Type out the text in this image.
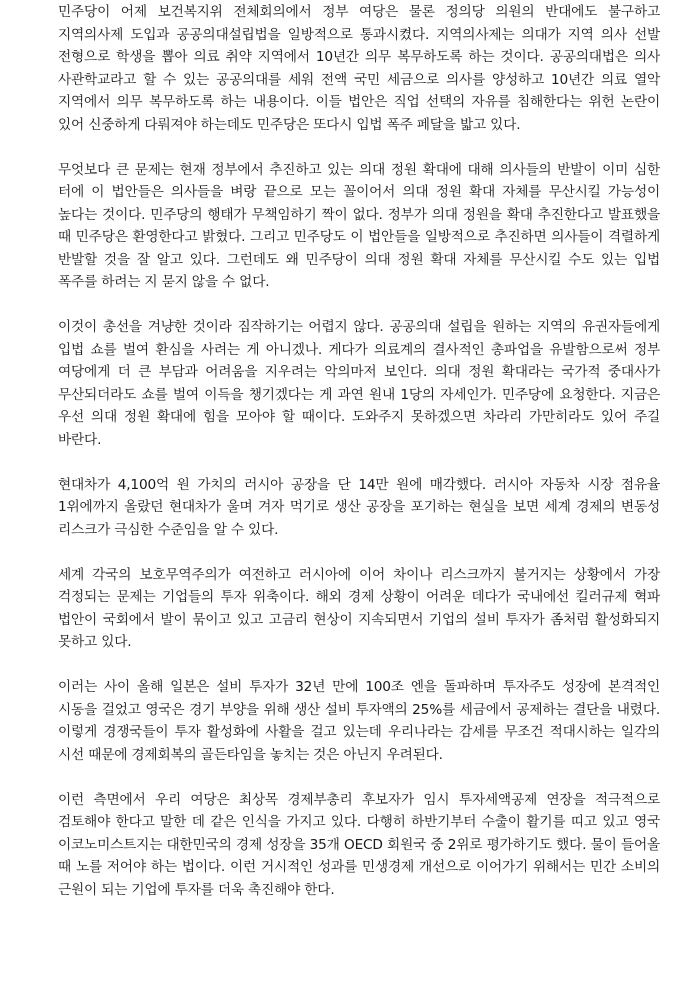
민주당이 어제 보건복지위 전체회의에서 정부 여당은 물론 정의당 의원의 반대에도 불구하고 지역의사제 도입과 공공의대설립법을 일방적으로 통과시켰다. 지역의사제는 의대가 지역 의사 선발 전형으로 학생을 뽑아 의료 취약 지역에서 10년간 의무 복무하도록 하는 것이다. 공공의대법은 의사 사관학교라고 할 수 있는 공공의대를 세워 전액 국민 세금으로 의사를 양성하고 10년간 의료 열악 지역에서 의무 복무하도록 하는 내용이다. 이들 법안은 직업 선택의 자유를 침해한다는 위헌 논란이 있어 신중하게 다뤄져야 하는데도 민주당은 또다시 입법 폭주 페달을 밟고 있다.

무엇보다 큰 문제는 현재 정부에서 추진하고 있는 의대 정원 확대에 대해 의사들의 반발이 이미 심한 터에 이 법안들은 의사들을 벼랑 끝으로 모는 꼴이어서 의대 정원 확대 자체를 무산시킬 가능성이 높다는 것이다. 민주당의 행태가 무책임하기 짝이 없다. 정부가 의대 정원을 확대 추진한다고 발표했을 때 민주당은 환영한다고 밝혔다. 그리고 민주당도 이 법안들을 일방적으로 추진하면 의사들이 격렬하게 반발할 것을 잘 알고 있다. 그런데도 왜 민주당이 의대 정원 확대 자체를 무산시킬 수도 있는 입법 폭주를 하려는 지 묻지 않을 수 없다.

이것이 총선을 겨냥한 것이라 짐작하기는 어렵지 않다. 공공의대 설립을 원하는 지역의 유권자들에게 입법 쇼를 벌여 환심을 사려는 게 아니겠나. 게다가 의료계의 결사적인 총파업을 유발함으로써 정부 여당에게 더 큰 부담과 어려움을 지우려는 악의마저 보인다. 의대 정원 확대라는 국가적 중대사가 무산되더라도 쇼를 벌여 이득을 챙기겠다는 게 과연 원내 1당의 자세인가. 민주당에 요청한다. 지금은 우선 의대 정원 확대에 힘을 모아야 할 때이다. 도와주지 못하겠으면 차라리 가만히라도 있어 주길 바란다.

현대차가 4,100억 원 가치의 러시아 공장을 단 14만 원에 매각했다. 러시아 자동차 시장 점유율 1위에까지 올랐던 현대차가 울며 겨자 먹기로 생산 공장을 포기하는 현실을 보면 세계 경제의 변동성 리스크가 극심한 수준임을 알 수 있다.

세계 각국의 보호무역주의가 여전하고 러시아에 이어 차이나 리스크까지 불거지는 상황에서 가장 걱정되는 문제는 기업들의 투자 위축이다. 해외 경제 상황이 어려운 데다가 국내에선 킬러규제 혁파 법안이 국회에서 발이 묶이고 있고 고금리 현상이 지속되면서 기업의 설비 투자가 좀처럼 활성화되지 못하고 있다.

이러는 사이 올해 일본은 설비 투자가 32년 만에 100조 엔을 돌파하며 투자주도 성장에 본격적인 시동을 걸었고 영국은 경기 부양을 위해 생산 설비 투자액의 25%를 세금에서 공제하는 결단을 내렸다. 이렇게 경쟁국들이 투자 활성화에 사활을 걸고 있는데 우리나라는 감세를 무조건 적대시하는 일각의 시선 때문에 경제회복의 골든타임을 놓치는 것은 아닌지 우려된다.

이런 측면에서 우리 여당은 최상목 경제부총리 후보자가 임시 투자세액공제 연장을 적극적으로 검토해야 한다고 말한 데 같은 인식을 가지고 있다. 다행히 하반기부터 수출이 활기를 띠고 있고 영국 이코노미스트지는 대한민국의 경제 성장을 35개 OECD 회원국 중 2위로 평가하기도 했다. 물이 들어올 때 노를 저어야 하는 법이다. 이런 거시적인 성과를 민생경제 개선으로 이어가기 위해서는 민간 소비의 근원이 되는 기업에 투자를 더욱 촉진해야 한다.
